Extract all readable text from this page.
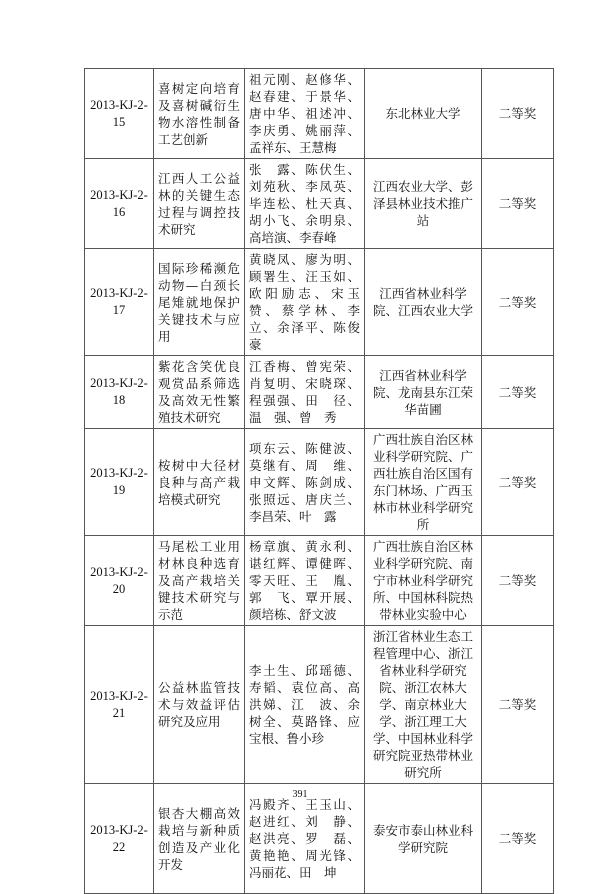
2013-KJ-2-15	喜树定向培育及喜树碱衍生物水溶性制备工艺创新	祖元刚、赵修华、赵春建、于景华、唐中华、祖述冲、李庆勇、姚丽萍、孟祥东、王慧梅	东北林业大学	二等奖
2013-KJ-2-16	江西人工公益林的关键生态过程与调控技术研究	张　露、陈伏生、刘苑秋、李凤英、毕连松、杜天真、胡小飞、余明泉、高培演、李春峰	江西农业大学、彭泽县林业技术推广站	二等奖
2013-KJ-2-17	国际珍稀濒危动物—白颈长尾雉就地保护关键技术与应用	黄晓凤、廖为明、顾署生、汪玉如、欧阳励志、宋玉赞、蔡学林、李　立、余泽平、陈俊豪	江西省林业科学院、江西农业大学	二等奖
2013-KJ-2-18	紫花含笑优良观赏品系筛选及高效无性繁殖技术研究	江香梅、曾宪荣、肖复明、宋晓琛、程强强、田　径、温　强、曾　秀	江西省林业科学院、龙南县东江荣华苗圃	二等奖
2013-KJ-2-19	桉树中大径材良种与高产栽培模式研究	项东云、陈健波、莫继有、周　维、申文辉、陈剑成、张照远、唐庆兰、李昌荣、叶　露	广西壮族自治区林业科学研究院、广西壮族自治区国有东门林场、广西玉林市林业科学研究所	二等奖
2013-KJ-2-20	马尾松工业用材林良种选育及高产栽培关键技术研究与示范	杨章旗、黄永利、谌红辉、谭健晖、零天旺、王　胤、郭　飞、覃开展、颜培栋、舒文波	广西壮族自治区林业科学研究院、南宁市林业科学研究所、中国林科院热带林业实验中心	二等奖
2013-KJ-2-21	公益林监管技术与效益评估研究及应用	李土生、邱瑶德、寿韬、袁位高、高洪娣、江　波、余树全、莫路锋、应宝根、鲁小珍	浙江省林业生态工程管理中心、浙江省林业科学研究院、浙江农林大学、南京林业大学、浙江理工大学、中国林业科学研究院亚热带林业研究所	二等奖
2013-KJ-2-22	银杏大棚高效栽培与新种质创造及产业化开发	冯殿齐、王玉山、赵进红、刘　静、赵洪亮、罗　磊、黄艳艳、周光锋、冯丽花、田　坤	泰安市泰山林业科学研究院	二等奖
391
